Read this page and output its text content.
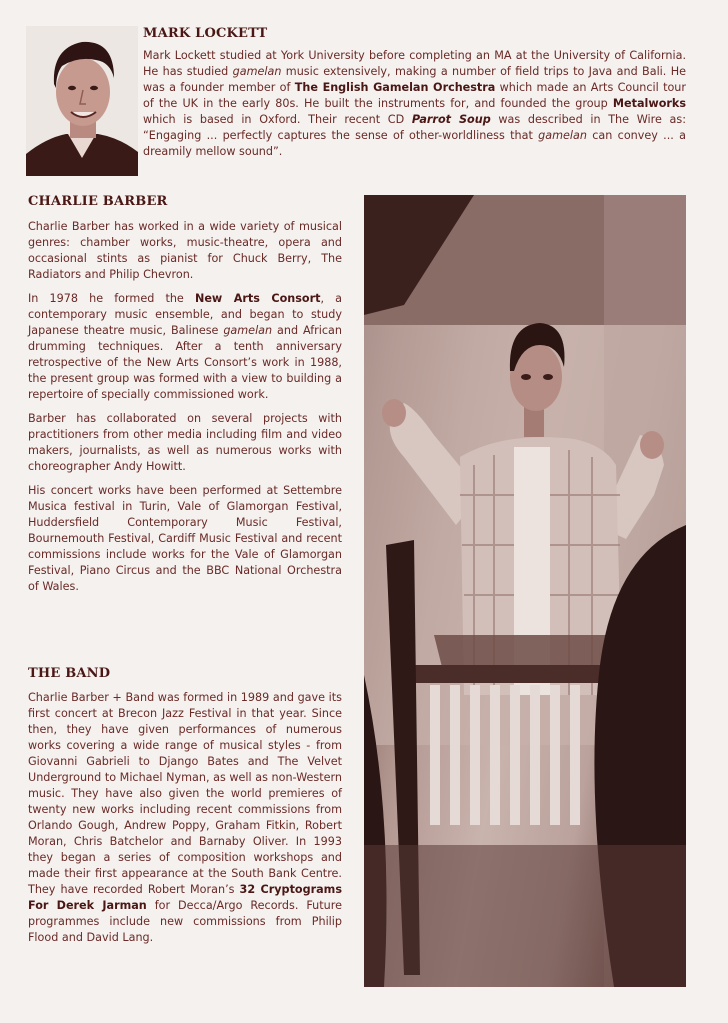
MARK LOCKETT

Mark Lockett studied at York University before completing an MA at the University of California. He has studied gamelan music extensively, making a number of field trips to Java and Bali. He was a founder member of The English Gamelan Orchestra which made an Arts Council tour of the UK in the early 80s. He built the instruments for, and founded the group Metalworks which is based in Oxford. Their recent CD Parrot Soup was described in The Wire as: “Engaging ... perfectly captures the sense of other-worldliness that gamelan can convey ... a dreamily mellow sound”.

CHARLIE BARBER

Charlie Barber has worked in a wide variety of musical genres: chamber works, music-theatre, opera and occasional stints as pianist for Chuck Berry, The Radiators and Philip Chevron.

In 1978 he formed the New Arts Consort, a contemporary music ensemble, and began to study Japanese theatre music, Balinese gamelan and African drumming techniques. After a tenth anniversary retrospective of the New Arts Consort’s work in 1988, the present group was formed with a view to building a repertoire of specially commissioned work.

Barber has collaborated on several projects with practitioners from other media including film and video makers, journalists, as well as numerous works with choreographer Andy Howitt.

His concert works have been performed at Settembre Musica festival in Turin, Vale of Glamorgan Festival, Huddersfield Contemporary Music Festival, Bournemouth Festival, Cardiff Music Festival and recent commissions include works for the Vale of Glamorgan Festival, Piano Circus and the BBC National Orchestra of Wales.

THE BAND

Charlie Barber + Band was formed in 1989 and gave its first concert at Brecon Jazz Festival in that year. Since then, they have given performances of numerous works covering a wide range of musical styles - from Giovanni Gabrieli to Django Bates and The Velvet Underground to Michael Nyman, as well as non-Western music. They have also given the world premieres of twenty new works including recent commissions from Orlando Gough, Andrew Poppy, Graham Fitkin, Robert Moran, Chris Batchelor and Barnaby Oliver. In 1993 they began a series of composition workshops and made their first appearance at the South Bank Centre. They have recorded Robert Moran’s 32 Cryptograms For Derek Jarman for Decca/Argo Records. Future programmes include new commissions from Philip Flood and David Lang.
